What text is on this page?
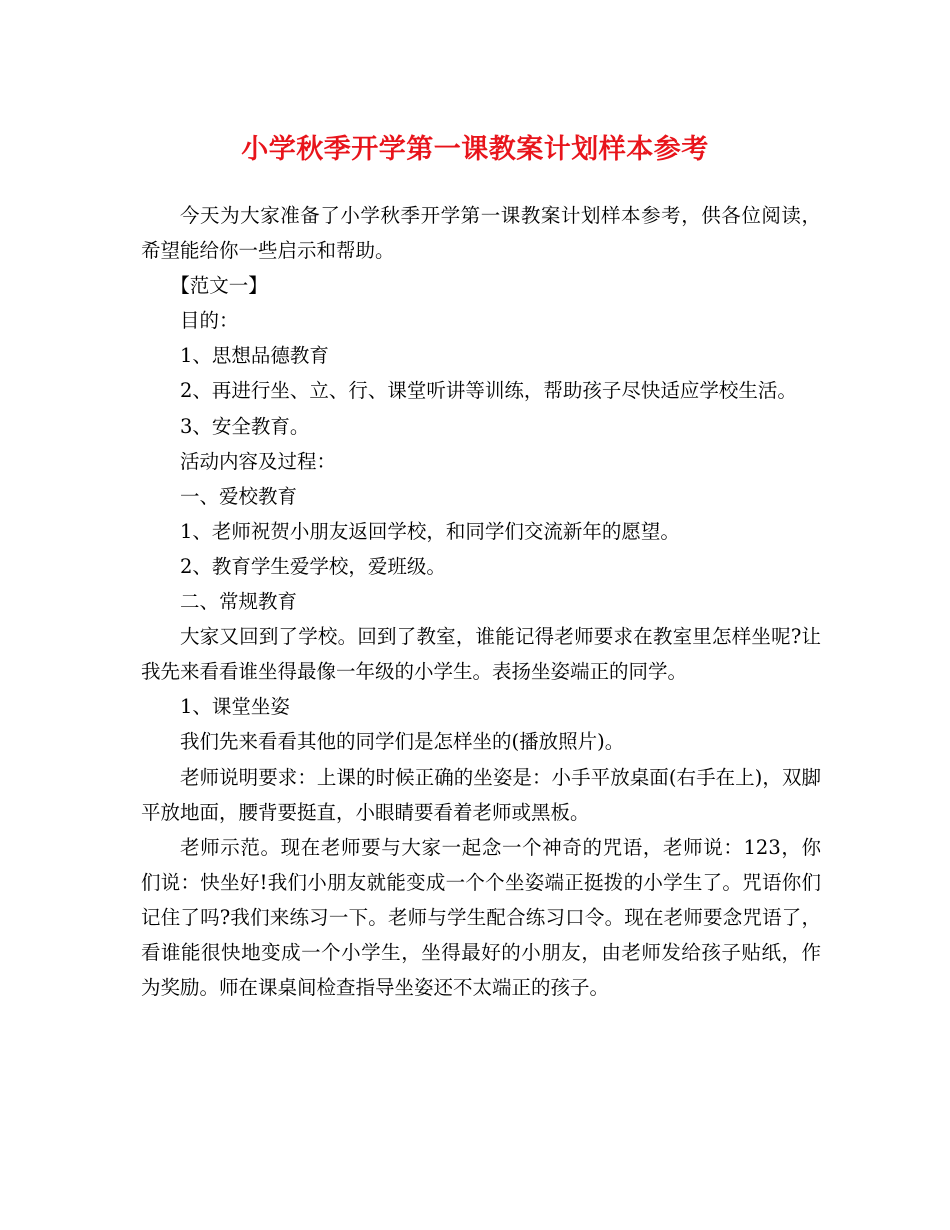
小学秋季开学第一课教案计划样本参考

今天为大家准备了小学秋季开学第一课教案计划样本参考，供各位阅读，希望能给你一些启示和帮助。

【范文一】

目的：

1、思想品德教育

2、再进行坐、立、行、课堂听讲等训练，帮助孩子尽快适应学校生活。

3、安全教育。

活动内容及过程：

一、爱校教育

1、老师祝贺小朋友返回学校，和同学们交流新年的愿望。

2、教育学生爱学校，爱班级。

二、常规教育

大家又回到了学校。回到了教室，谁能记得老师要求在教室里怎样坐呢?让我先来看看谁坐得最像一年级的小学生。表扬坐姿端正的同学。

1、课堂坐姿

我们先来看看其他的同学们是怎样坐的(播放照片)。

老师说明要求：上课的时候正确的坐姿是：小手平放桌面(右手在上)，双脚平放地面，腰背要挺直，小眼睛要看着老师或黑板。

老师示范。现在老师要与大家一起念一个神奇的咒语，老师说：123，你们说：快坐好!我们小朋友就能变成一个个坐姿端正挺拨的小学生了。咒语你们记住了吗?我们来练习一下。老师与学生配合练习口令。现在老师要念咒语了，看谁能很快地变成一个小学生，坐得最好的小朋友，由老师发给孩子贴纸，作为奖励。师在课桌间检查指导坐姿还不太端正的孩子。
